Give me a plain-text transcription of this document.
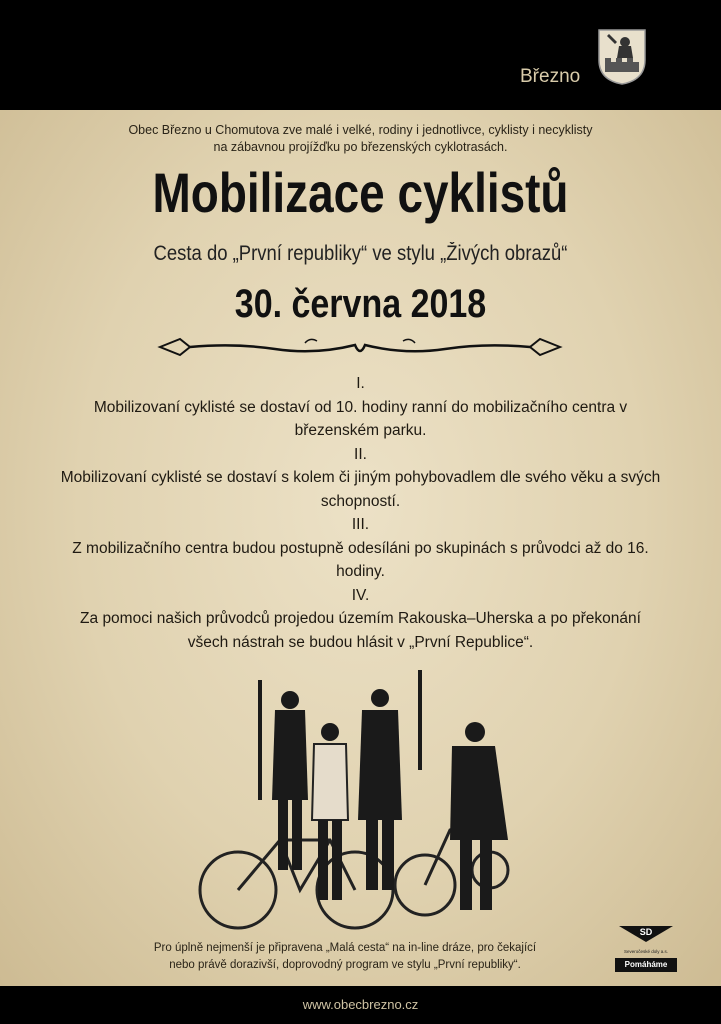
Březno
Obec Březno u Chomutova zve malé i velké, rodiny i jednotlivce, cyklisty i necyklisty
na zábavnou projížďku po březenských cyklotrasách.
Mobilizace cyklistů
Cesta do „První republiky“ ve stylu „Živých obrazů“
30. června 2018
I.
Mobilizovaní cyklisté se dostaví od 10. hodiny ranní do mobilizačního centra v březenském parku.
II.
Mobilizovaní cyklisté se dostaví s kolem či jiným pohybovadlem dle svého věku a svých schopností.
III.
Z mobilizačního centra budou postupně odesíláni po skupinách s průvodci až do 16. hodiny.
IV.
Za pomoci našich průvodců projedou územím Rakouska–Uherska a po překonání všech nástrah se budou hlásit v „První Republice“.
Pro úplně nejmenší je připravena „Malá cesta“ na in-line dráze, pro čekající
nebo právě dorazivší, doprovodný program ve stylu „První republiky“.
SD
Severočeské doly a.s.
Pomáháme
www.obecbrezno.cz
